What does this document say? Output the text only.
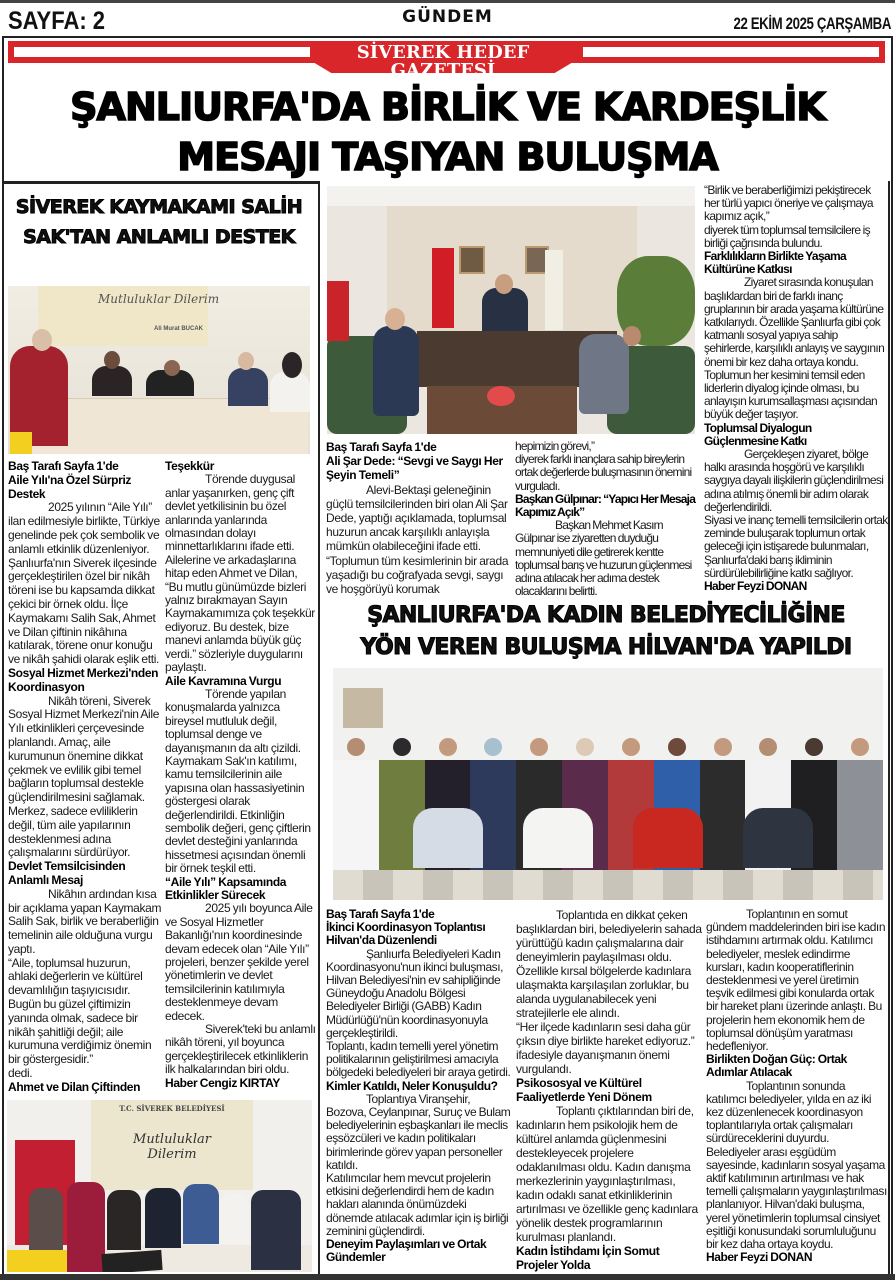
SAYFA: 2	GÜNDEM	22 EKİM 2025 ÇARŞAMBA
SİVEREK HEDEF GAZETESİ
ŞANLIURFA'DA BİRLİK VE KARDEŞLİK
MESAJI TAŞIYAN BULUŞMA
SİVEREK KAYMAKAMI SALİH SAK'TAN ANLAMLI DESTEK
Mutluluklar Dilerim
Ali Murat BUCAK

Baş Tarafı Sayfa 1'de

Aile Yılı'na Özel Sürpriz Destek

2025 yılının “Aile Yılı” ilan edilmesiyle birlikte, Türkiye genelinde pek çok sembolik ve anlamlı etkinlik düzenleniyor. Şanlıurfa'nın Siverek ilçesinde gerçekleştirilen özel bir nikâh töreni ise bu kapsamda dikkat çekici bir örnek oldu. İlçe Kaymakamı Salih Sak, Ahmet ve Dilan çiftinin nikâhına katılarak, törene onur konuğu ve nikâh şahidi olarak eşlik etti.

Sosyal Hizmet Merkezi'nden Koordinasyon

Nikâh töreni, Siverek Sosyal Hizmet Merkezi'nin Aile Yılı etkinlikleri çerçevesinde planlandı. Amaç, aile kurumunun önemine dikkat çekmek ve evlilik gibi temel bağların toplumsal destekle güçlendirilmesini sağlamak. Merkez, sadece evliliklerin değil, tüm aile yapılarının desteklenmesi adına çalışmalarını sürdürüyor.

Devlet Temsilcisinden Anlamlı Mesaj

Nikâhın ardından kısa bir açıklama yapan Kaymakam Salih Sak, birlik ve beraberliğin temelinin aile olduğuna vurgu yaptı.

“Aile, toplumsal huzurun, ahlaki değerlerin ve kültürel devamlılığın taşıyıcısıdır. Bugün bu güzel çiftimizin yanında olmak, sadece bir nikâh şahitliği değil; aile kurumuna verdiğimiz önemin bir göstergesidir.”

dedi.

Ahmet ve Dilan Çiftinden

Teşekkür

Törende duygusal anlar yaşanırken, genç çift devlet yetkilisinin bu özel anlarında yanlarında olmasından dolayı minnettarlıklarını ifade etti. Ailelerine ve arkadaşlarına hitap eden Ahmet ve Dilan, “Bu mutlu günümüzde bizleri yalnız bırakmayan Sayın Kaymakamımıza çok teşekkür ediyoruz. Bu destek, bize manevi anlamda büyük güç verdi.” sözleriyle duygularını paylaştı.

Aile Kavramına Vurgu

Törende yapılan konuşmalarda yalnızca bireysel mutluluk değil, toplumsal denge ve dayanışmanın da altı çizildi. Kaymakam Sak'ın katılımı, kamu temsilcilerinin aile yapısına olan hassasiyetinin göstergesi olarak değerlendirildi. Etkinliğin sembolik değeri, genç çiftlerin devlet desteğini yanlarında hissetmesi açısından önemli bir örnek teşkil etti.

“Aile Yılı” Kapsamında Etkinlikler Sürecek

2025 yılı boyunca Aile ve Sosyal Hizmetler Bakanlığı'nın koordinesinde devam edecek olan “Aile Yılı” projeleri, benzer şekilde yerel yönetimlerin ve devlet temsilcilerinin katılımıyla desteklenmeye devam edecek.

Siverek'teki bu anlamlı nikâh töreni, yıl boyunca gerçekleştirilecek etkinliklerin ilk halkalarından biri oldu.

Haber Cengiz KIRTAY

T.C. SİVEREK BELEDİYESİ
Mutluluklar Dilerim

Baş Tarafı Sayfa 1'de

Ali Şar Dede: “Sevgi ve Saygı Her Şeyin Temeli”

Alevi-Bektaşi geleneğinin güçlü temsilcilerinden biri olan Ali Şar Dede, yaptığı açıklamada, toplumsal huzurun ancak karşılıklı anlayışla mümkün olabileceğini ifade etti.

“Toplumun tüm kesimlerinin bir arada yaşadığı bu coğrafyada sevgi, saygı ve hoşgörüyü korumak

hepimizin görevi,”

diyerek farklı inançlara sahip bireylerin ortak değerlerde buluşmasının önemini vurguladı.

Başkan Gülpınar: “Yapıcı Her Mesaja Kapımız Açık”

Başkan Mehmet Kasım Gülpınar ise ziyaretten duyduğu memnuniyeti dile getirerek kentte toplumsal barış ve huzurun güçlenmesi adına atılacak her adıma destek olacaklarını belirtti.

“Birlik ve beraberliğimizi pekiştirecek her türlü yapıcı öneriye ve çalışmaya kapımız açık,”

diyerek tüm toplumsal temsilcilere iş birliği çağrısında bulundu.

Farklılıkların Birlikte Yaşama Kültürüne Katkısı

Ziyaret sırasında konuşulan başlıklardan biri de farklı inanç gruplarının bir arada yaşama kültürüne katkılarıydı. Özellikle Şanlıurfa gibi çok katmanlı sosyal yapıya sahip şehirlerde, karşılıklı anlayış ve saygının önemi bir kez daha ortaya kondu. Toplumun her kesimini temsil eden liderlerin diyalog içinde olması, bu anlayışın kurumsallaşması açısından büyük değer taşıyor.

Toplumsal Diyalogun Güçlenmesine Katkı

Gerçekleşen ziyaret, bölge halkı arasında hoşgörü ve karşılıklı saygıya dayalı ilişkilerin güçlendirilmesi adına atılmış önemli bir adım olarak değerlendirildi.

Siyasi ve inanç temelli temsilcilerin ortak zeminde buluşarak toplumun ortak geleceği için istişarede bulunmaları, Şanlıurfa'daki barış ikliminin sürdürülebilirliğine katkı sağlıyor.

Haber Feyzi DONAN

ŞANLIURFA'DA KADIN BELEDİYECİLİĞİNE
YÖN VEREN BULUŞMA HİLVAN'DA YAPILDI

Baş Tarafı Sayfa 1'de

İkinci Koordinasyon Toplantısı Hilvan'da Düzenlendi

Şanlıurfa Belediyeleri Kadın Koordinasyonu'nun ikinci buluşması, Hilvan Belediyesi'nin ev sahipliğinde Güneydoğu Anadolu Bölgesi Belediyeler Birliği (GABB) Kadın Müdürlüğü'nün koordinasyonuyla gerçekleştirildi.

Toplantı, kadın temelli yerel yönetim politikalarının geliştirilmesi amacıyla bölgedeki belediyeleri bir araya getirdi.

Kimler Katıldı, Neler Konuşuldu?

Toplantıya Viranşehir, Bozova, Ceylanpınar, Suruç ve Bulam belediyelerinin eşbaşkanları ile meclis eşsözcüleri ve kadın politikaları birimlerinde görev yapan personeller katıldı.

Katılımcılar hem mevcut projelerin etkisini değerlendirdi hem de kadın hakları alanında önümüzdeki dönemde atılacak adımlar için iş birliği zeminini güçlendirdi.

Deneyim Paylaşımları ve Ortak Gündemler

Toplantıda en dikkat çeken başlıklardan biri, belediyelerin sahada yürüttüğü kadın çalışmalarına dair deneyimlerin paylaşılması oldu. Özellikle kırsal bölgelerde kadınlara ulaşmakta karşılaşılan zorluklar, bu alanda uygulanabilecek yeni stratejilerle ele alındı.

“Her ilçede kadınların sesi daha gür çıksın diye birlikte hareket ediyoruz.”

ifadesiyle dayanışmanın önemi vurgulandı.

Psikososyal ve Kültürel Faaliyetlerde Yeni Dönem

Toplantı çıktılarından biri de, kadınların hem psikolojik hem de kültürel anlamda güçlenmesini destekleyecek projelere odaklanılması oldu. Kadın danışma merkezlerinin yaygınlaştırılması, kadın odaklı sanat etkinliklerinin artırılması ve özellikle genç kadınlara yönelik destek programlarının kurulması planlandı.

Kadın İstihdamı İçin Somut Projeler Yolda

Toplantının en somut gündem maddelerinden biri ise kadın istihdamını artırmak oldu. Katılımcı belediyeler, meslek edindirme kursları, kadın kooperatiflerinin desteklenmesi ve yerel üretimin teşvik edilmesi gibi konularda ortak bir hareket planı üzerinde anlaştı. Bu projelerin hem ekonomik hem de toplumsal dönüşüm yaratması hedefleniyor.

Birlikten Doğan Güç: Ortak Adımlar Atılacak

Toplantının sonunda katılımcı belediyeler, yılda en az iki kez düzenlenecek koordinasyon toplantılarıyla ortak çalışmaları sürdüreceklerini duyurdu.

Belediyeler arası eşgüdüm sayesinde, kadınların sosyal yaşama aktif katılımının artırılması ve hak temelli çalışmaların yaygınlaştırılması planlanıyor. Hilvan'daki buluşma, yerel yönetimlerin toplumsal cinsiyet eşitliği konusundaki sorumluluğunu bir kez daha ortaya koydu.

Haber Feyzi DONAN
